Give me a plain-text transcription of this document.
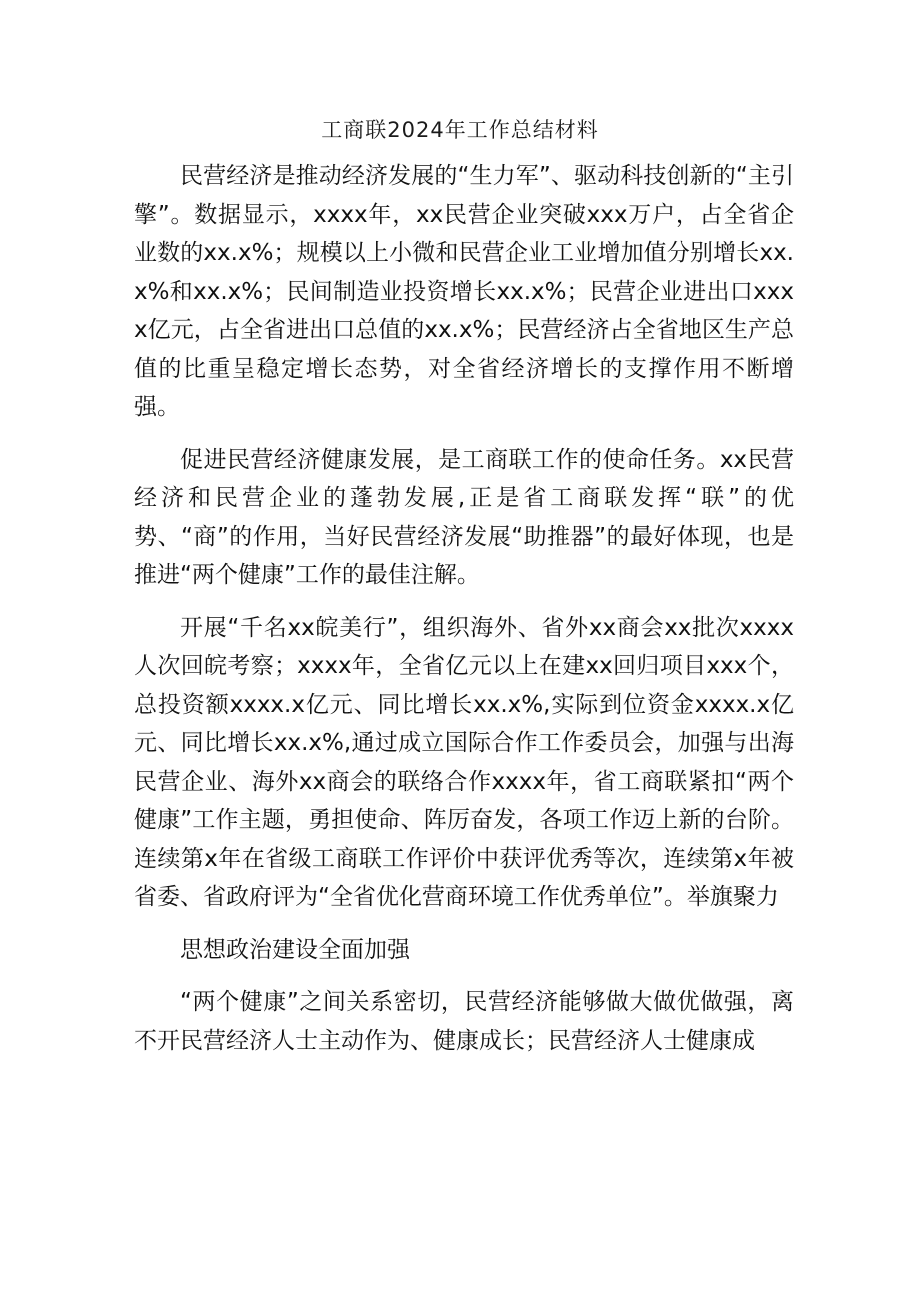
工商联2024年工作总结材料

民营经济是推动经济发展的“生力军”、驱动科技创新的“主引擎”。数据显示，xxxx年，xx民营企业突破xxx万户，占全省企业数的xx.x%；规模以上小微和民营企业工业增加值分别增长xx.x%和xx.x%；民间制造业投资增长xx.x%；民营企业进出口xxxx亿元，占全省进出口总值的xx.x%；民营经济占全省地区生产总值的比重呈稳定增长态势，对全省经济增长的支撑作用不断增强。

促进民营经济健康发展，是工商联工作的使命任务。xx民营经济和民营企业的蓬勃发展,正是省工商联发挥“联”的优势、“商”的作用，当好民营经济发展“助推器”的最好体现，也是推进“两个健康”工作的最佳注解。

开展“千名xx皖美行”，组织海外、省外xx商会xx批次xxxx人次回皖考察；xxxx年，全省亿元以上在建xx回归项目xxx个，总投资额xxxx.x亿元、同比增长xx.x%,实际到位资金xxxx.x亿元、同比增长xx.x%,通过成立国际合作工作委员会，加强与出海民营企业、海外xx商会的联络合作xxxx年，省工商联紧扣“两个健康”工作主题，勇担使命、阵厉奋发，各项工作迈上新的台阶。连续第x年在省级工商联工作评价中获评优秀等次，连续第x年被省委、省政府评为“全省优化营商环境工作优秀单位”。举旗聚力

思想政治建设全面加强

“两个健康”之间关系密切，民营经济能够做大做优做强，离不开民营经济人士主动作为、健康成长；民营经济人士健康成
